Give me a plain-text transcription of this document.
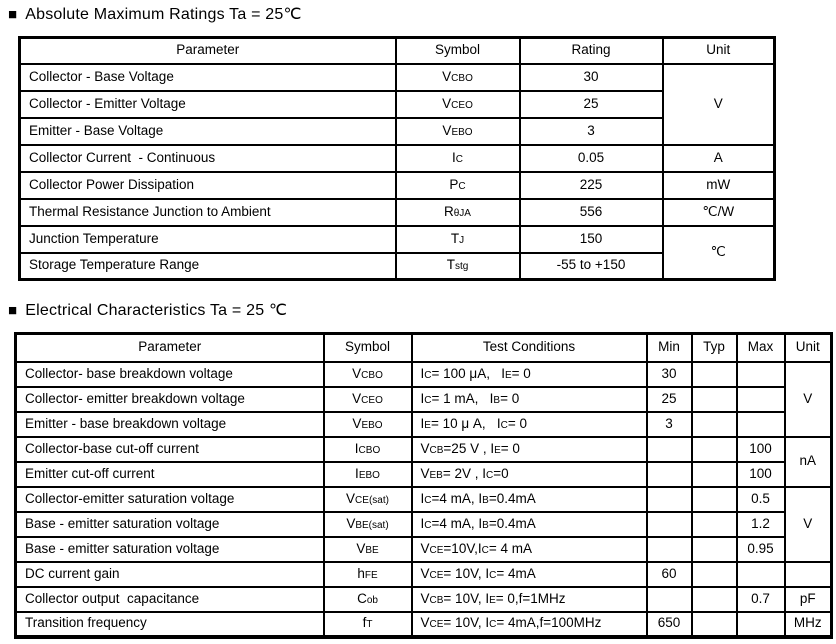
■ Absolute Maximum Ratings Ta = 25℃
Parameter	Symbol	Rating	Unit
Collector - Base Voltage	VCBO	30	V
Collector - Emitter Voltage	VCEO	25	
Emitter - Base Voltage	VEBO	3	
Collector Current  - Continuous	IC	0.05	A
Collector Power Dissipation	PC	225	mW
Thermal Resistance Junction to Ambient	RθJA	556	℃/W
Junction Temperature	TJ	150	℃
Storage Temperature Range	Tstg	-55 to +150	
■ Electrical Characteristics Ta = 25 ℃
Parameter	Symbol	Test Conditions	Min	Typ	Max	Unit
Collector- base breakdown voltage	VCBO	IC= 100 μA,   IE= 0	30			V
Collector- emitter breakdown voltage	VCEO	IC= 1 mA,   IB= 0	25			
Emitter - base breakdown voltage	VEBO	IE= 10 μ A,   IC= 0	3			
Collector-base cut-off current	ICBO	VCB=25 V , IE= 0			100	nA
Emitter cut-off current	IEBO	VEB= 2V , IC=0			100	
Collector-emitter saturation voltage	VCE(sat)	IC=4 mA, IB=0.4mA			0.5	V
Base - emitter saturation voltage	VBE(sat)	IC=4 mA, IB=0.4mA			1.2	
Base - emitter saturation voltage	VBE	VCE=10V,IC= 4 mA			0.95	
DC current gain	hFE	VCE= 10V, IC= 4mA	60			
Collector output  capacitance	Cob	VCB= 10V, IE= 0,f=1MHz			0.7	pF
Transition frequency	fT	VCE= 10V, IC= 4mA,f=100MHz	650			MHz
